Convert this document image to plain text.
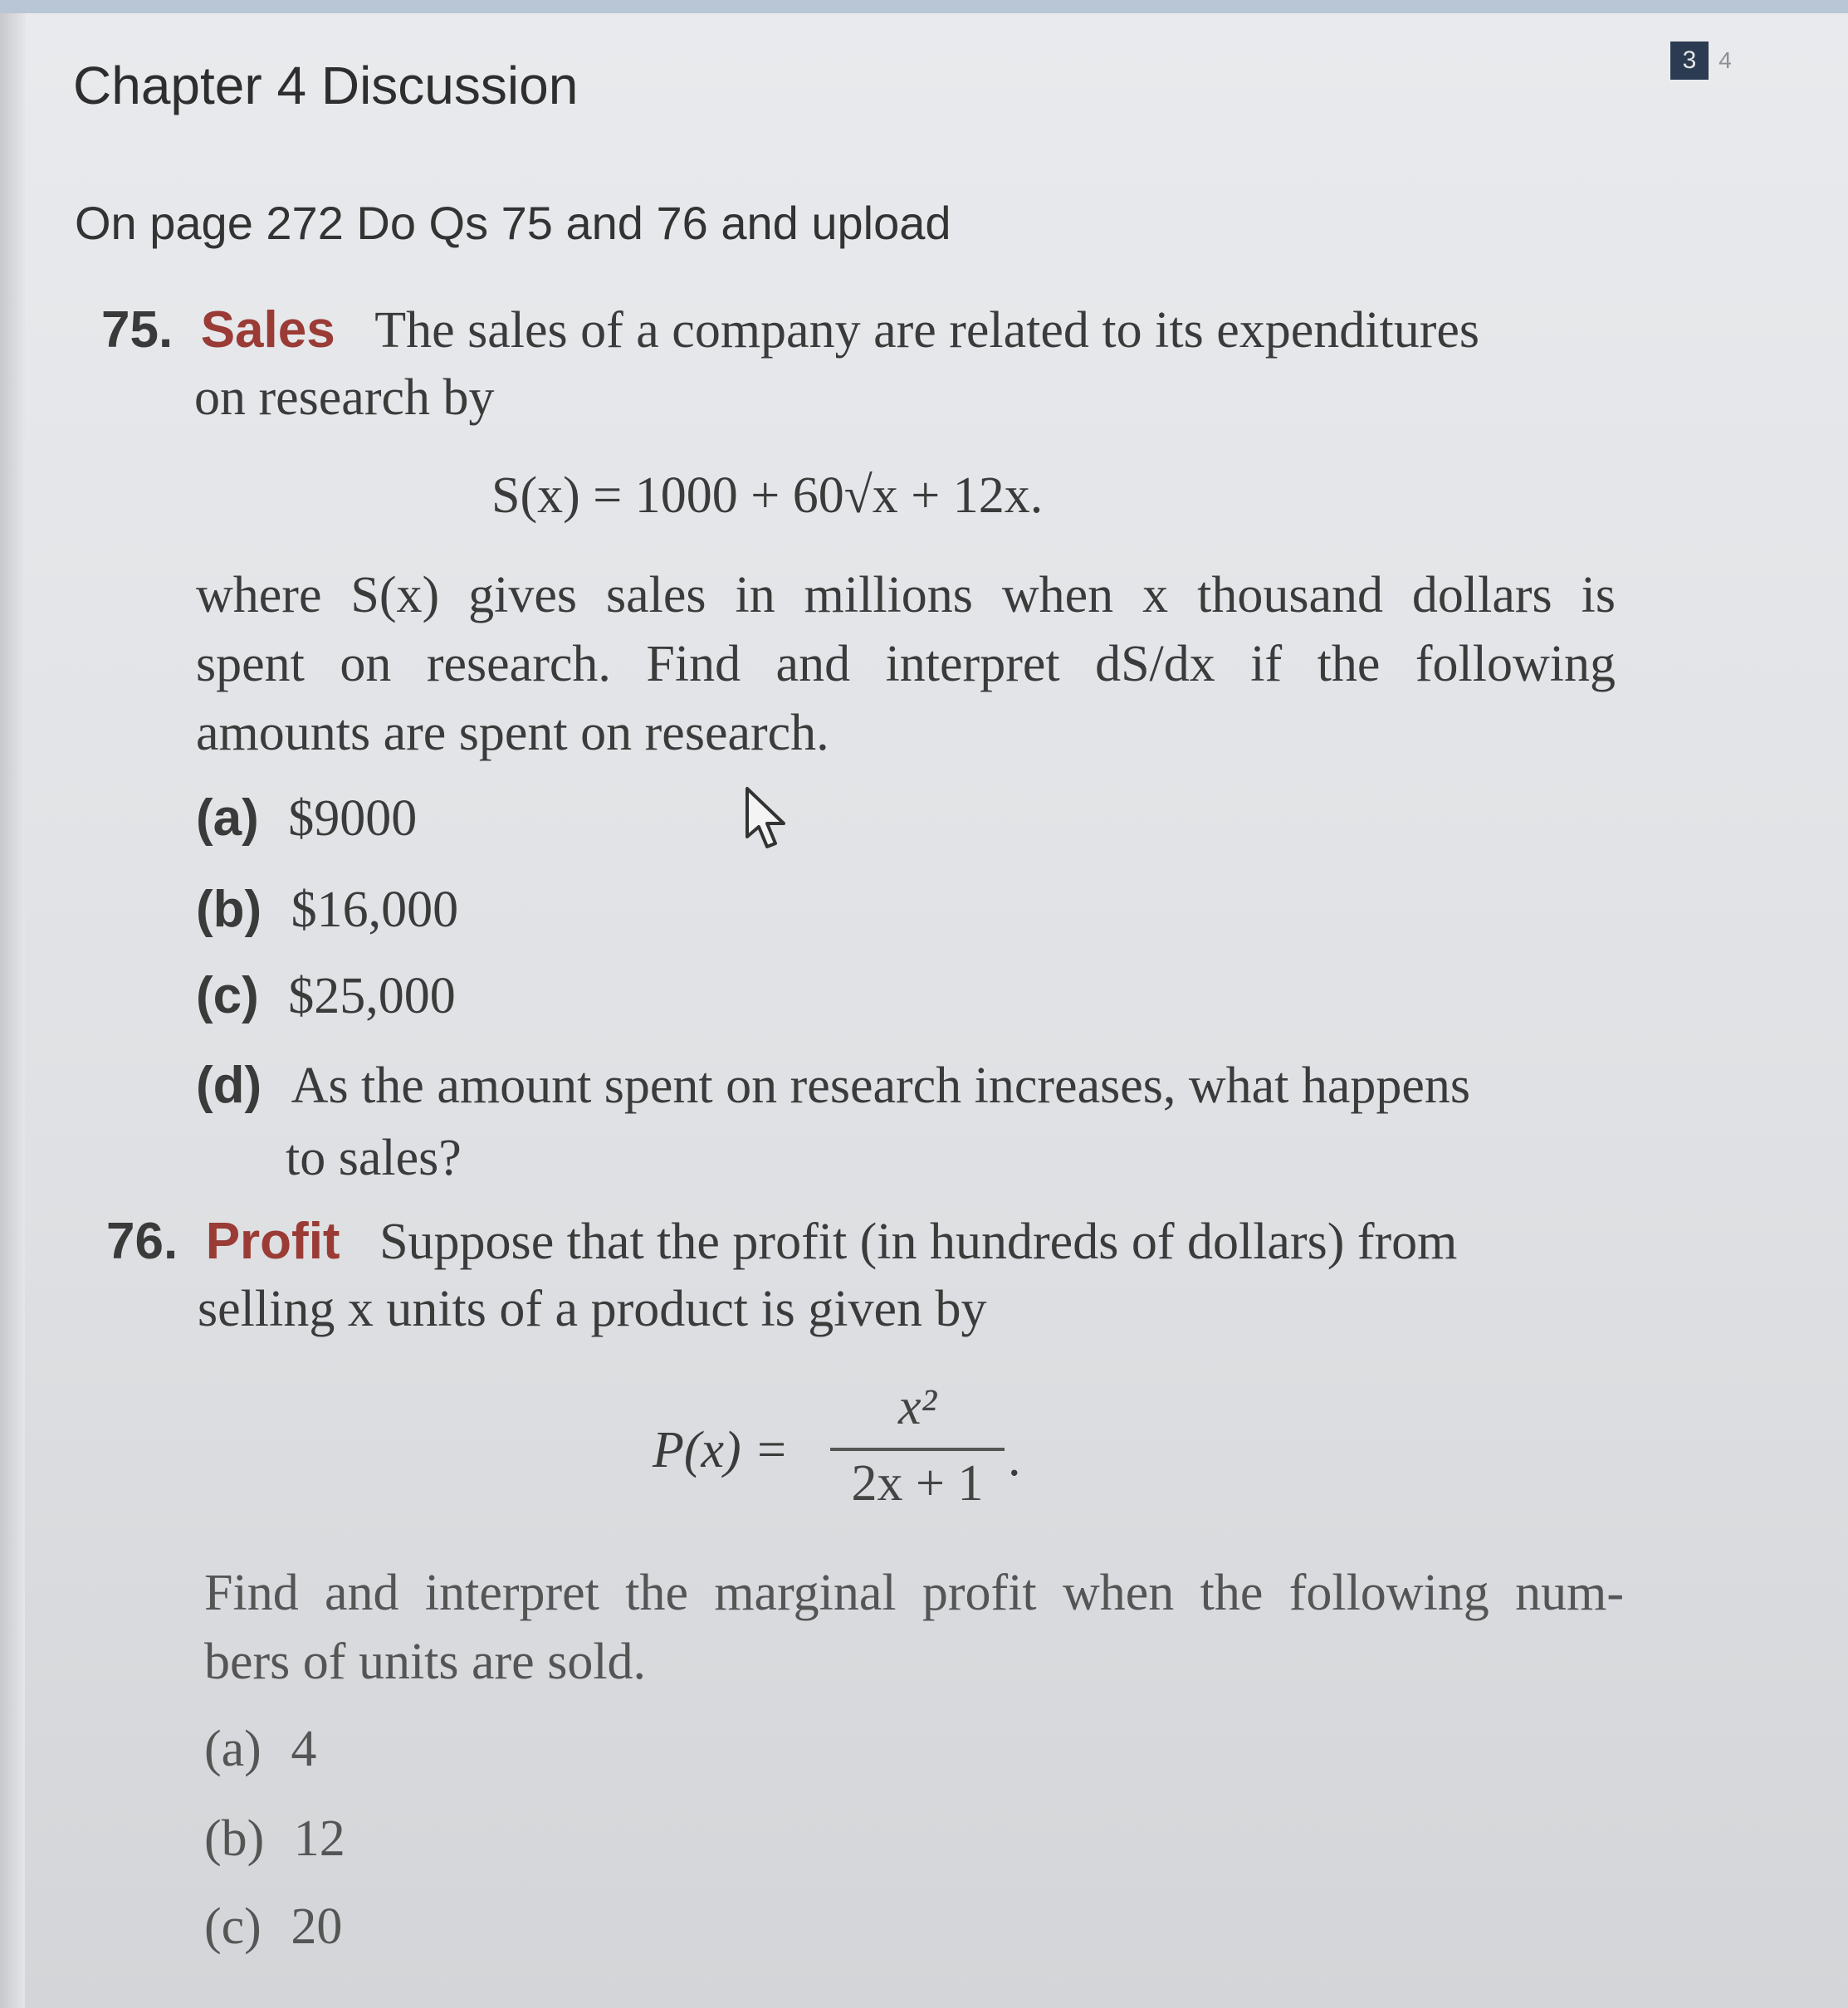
Chapter 4 Discussion	3 4
On page 272 Do Qs 75 and 76 and upload
75. Sales The sales of a company are related to its expenditures
on research by
S(x) = 1000 + 60√x + 12x.
where S(x) gives sales in millions when x thousand dollars is
spent on research. Find and interpret dS/dx if the following
amounts are spent on research.
(a) $9000
(b) $16,000
(c) $25,000
(d) As the amount spent on research increases, what happens
to sales?
76. Profit Suppose that the profit (in hundreds of dollars) from
selling x units of a product is given by
P(x) =
x²
2x + 1 .
Find and interpret the marginal profit when the following num-
bers of units are sold.
(a) 4
(b) 12
(c) 20
